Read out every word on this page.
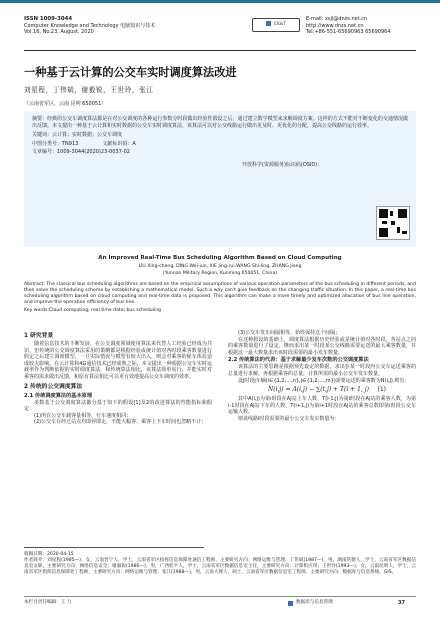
ISSN 1009-3044
Computer Knowledge and Technology 电脑知识与技术
Vol.16, No.23, August. 2020
CK&T
E-mail: xsjl@dnzs.net.cn
http://www.dnzs.net.cn
Tel:+86-551-65690963 65690964
一种基于云计算的公交车实时调度算法改进
刘星程，丁伟斌，谢毅锐，王世玲，张江
（云南省军区，云南 昆明 650051）

摘要：经典的公交车调度算法都是在对公交调度的各种运行参数分时段做出经验性假设之后，通过建立数学模型来求解调度方案。这样的方式不能对不断变化的交通情况做出反馈。本文提出一种基于云计算和实时数据的公交车实时调度算法，该算法可以对公交线路运行做出更及时、更优化的分配，提高公交线路的运行效率。

关键词：云计算；实时数据；公交车调度

中图分类号：TN913	文献标识码：A

文章编号：1009-3044(2020)23-0037-02

开放科学(资源服务)标识码(OSID)：

An Improved Real-Time Bus Scheduling Algorithm Based on Cloud Computing
LIU Xing-cheng, DING Wei-jun, XIE Jing-rui,WANG Shi-ling, ZHANG Jiang
(Yunnan Military Region, Kunming 650051, China)

Abstract: The classical bus scheduling algorithms are based on the empirical assumptions of various operation parameters of the bus scheduling in different periods, and then solve the scheduling scheme by establishing a mathematical model. Such a way can't give feedback on the changing traffic situation. In this paper, a real-time bus scheduling algorithm based on cloud computing and real-time data is proposed. This algorithm can make a more timely and optimized allocation of bus line operation, and improve the operation efficiency of bus line.

Key words:Cloud computing; real time data; bus scheduling

1 研究背景

随着信息技术的不断发展，在公交调度领域使用算法来代替人工经验已经成为共识，但传统的公交调度算法采用的策略都是根据经验或统计值对各时段乘客数量进行假定之后建立调度模型，一旦实际情况与模型有较大出入，则会对乘客的候车体验造成较大影响。在云计算和4G通信技术已经成熟之际，本文提出一种根据公交车实时运载率作为判断依据的实时调度算法，和传统算法相比，该算法简单易行，并能实时对乘客的需求做出反馈，和原有算法相比可以更有效地提高公交车调度的效率。

2 传统的公交调度算法
2.1 传统调度算法的基本原理

多数基于公交调度算法都分基于如下的假设[1]及2的改进算法的性能指标和假定：

(1)所有公交车载客量相等，行车速度相同；

(2)公交车在经过站点均即停即走，不能大幅客、乘客上下车时间也忽略不计；

(3)公交车发车间隔相等，始终保持这个间隔；

在这种假设的基础上，调度算法根据历史经验或是统计值对各时段，各站点之间的乘客数量进行了设定，继而求出某一时段某公交线路需要运送的最大乘客数量，并根据这一最大数量求出该时段需要的最小发车数量。

2.2 传统算法的代表：基于求解最少发车次数的公交调度算法

该算法的主要思路是根据预先设定的数据，求出在某一时段内公交车运送乘客的总量进行求解，再根据乘客的总量，计算所需的最小公交车发车数量。

设j时段j车辆(i∈{1,2,…,n},j∈{1,2,…,m})需要运送的乘客数为N(i,j),则有：

N(i,j) = A(i,j) − ∑(t,j) + T(i + 1, j) (1)

其中A(i,j)为第i时段在Aj站上车人数，T(i-1,j)为第i时段在Aj站的乘客人数，为第i-1时段在Aj站下车的人数，T(i+1,j)为第i+1时段在Aj站的乘客总数即第i时段公交车运输人数。

则该线路i时段需要的最小公交车发车数量为：

收稿日期：2020-04-15
作者简介：刘星程(1985—)，女，云南晋宁人，学士，云南省军区指挥信息保障处通信工程师，主要研究方向：网络运维与管理；丁伟斌(1987—)，男，湖南常德人，学士，云南省军区数据信息室文职，主要研究方向：网络信息安全；谢毅锐(1986—)，男，广西桂平人，学士，云南省军区数据信息室主任，主要研究方向：计算机应用；王世玲(1993—)，女，云南昆明人，学士，云南省军区指挥信息保障处工程师，主要研究方向：网络运维与管理；张江(1988—)，男，云南大理人，硕士，云南省军区数据信息室工程师，主要研究方向：数据库与信息系统，GIS。
本栏目责任编辑：王 力	数据库与信息管理	37
